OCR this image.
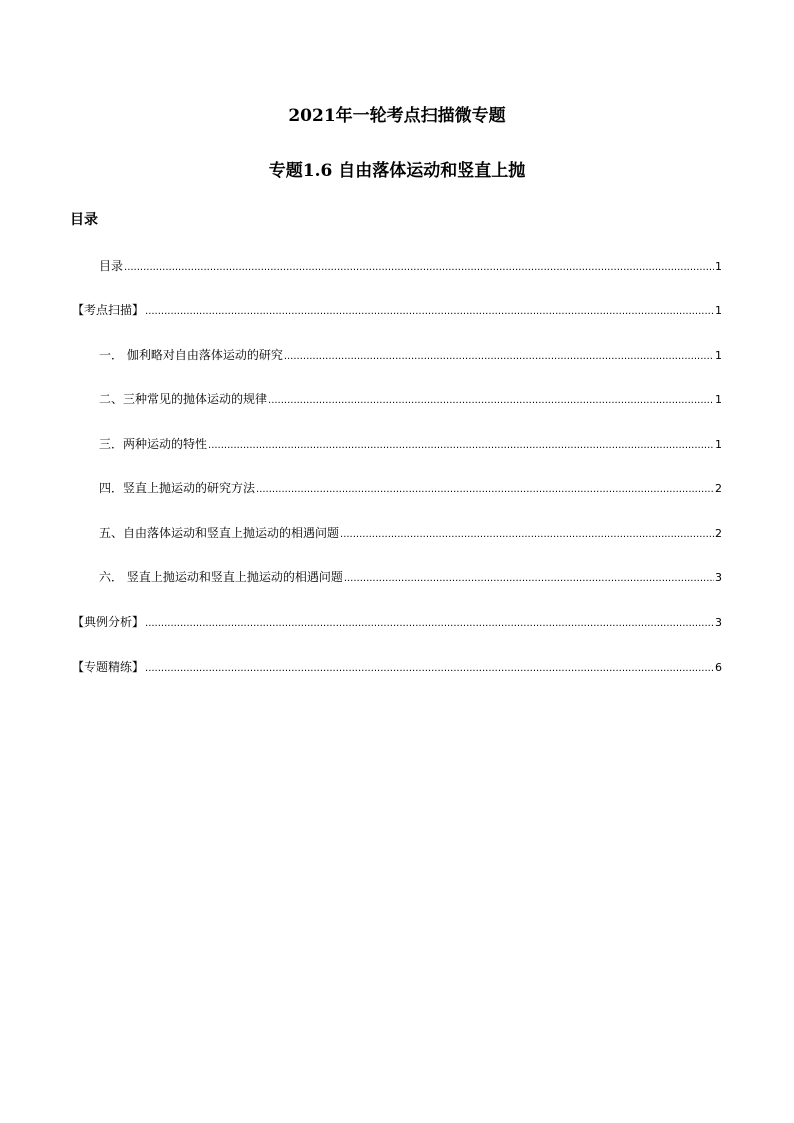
2021年一轮考点扫描微专题
专题1.6 自由落体运动和竖直上抛
目录
目录 .....	1
【考点扫描】 .....	1
一． 伽利略对自由落体运动的研究 .....	1
二、三种常见的抛体运动的规律 .....	1
三．两种运动的特性 .....	1
四．竖直上抛运动的研究方法 .....	2
五、自由落体运动和竖直上抛运动的相遇问题 .....	2
六． 竖直上抛运动和竖直上抛运动的相遇问题 .....	3
【典例分析】 .....	3
【专题精练】 .....	6
